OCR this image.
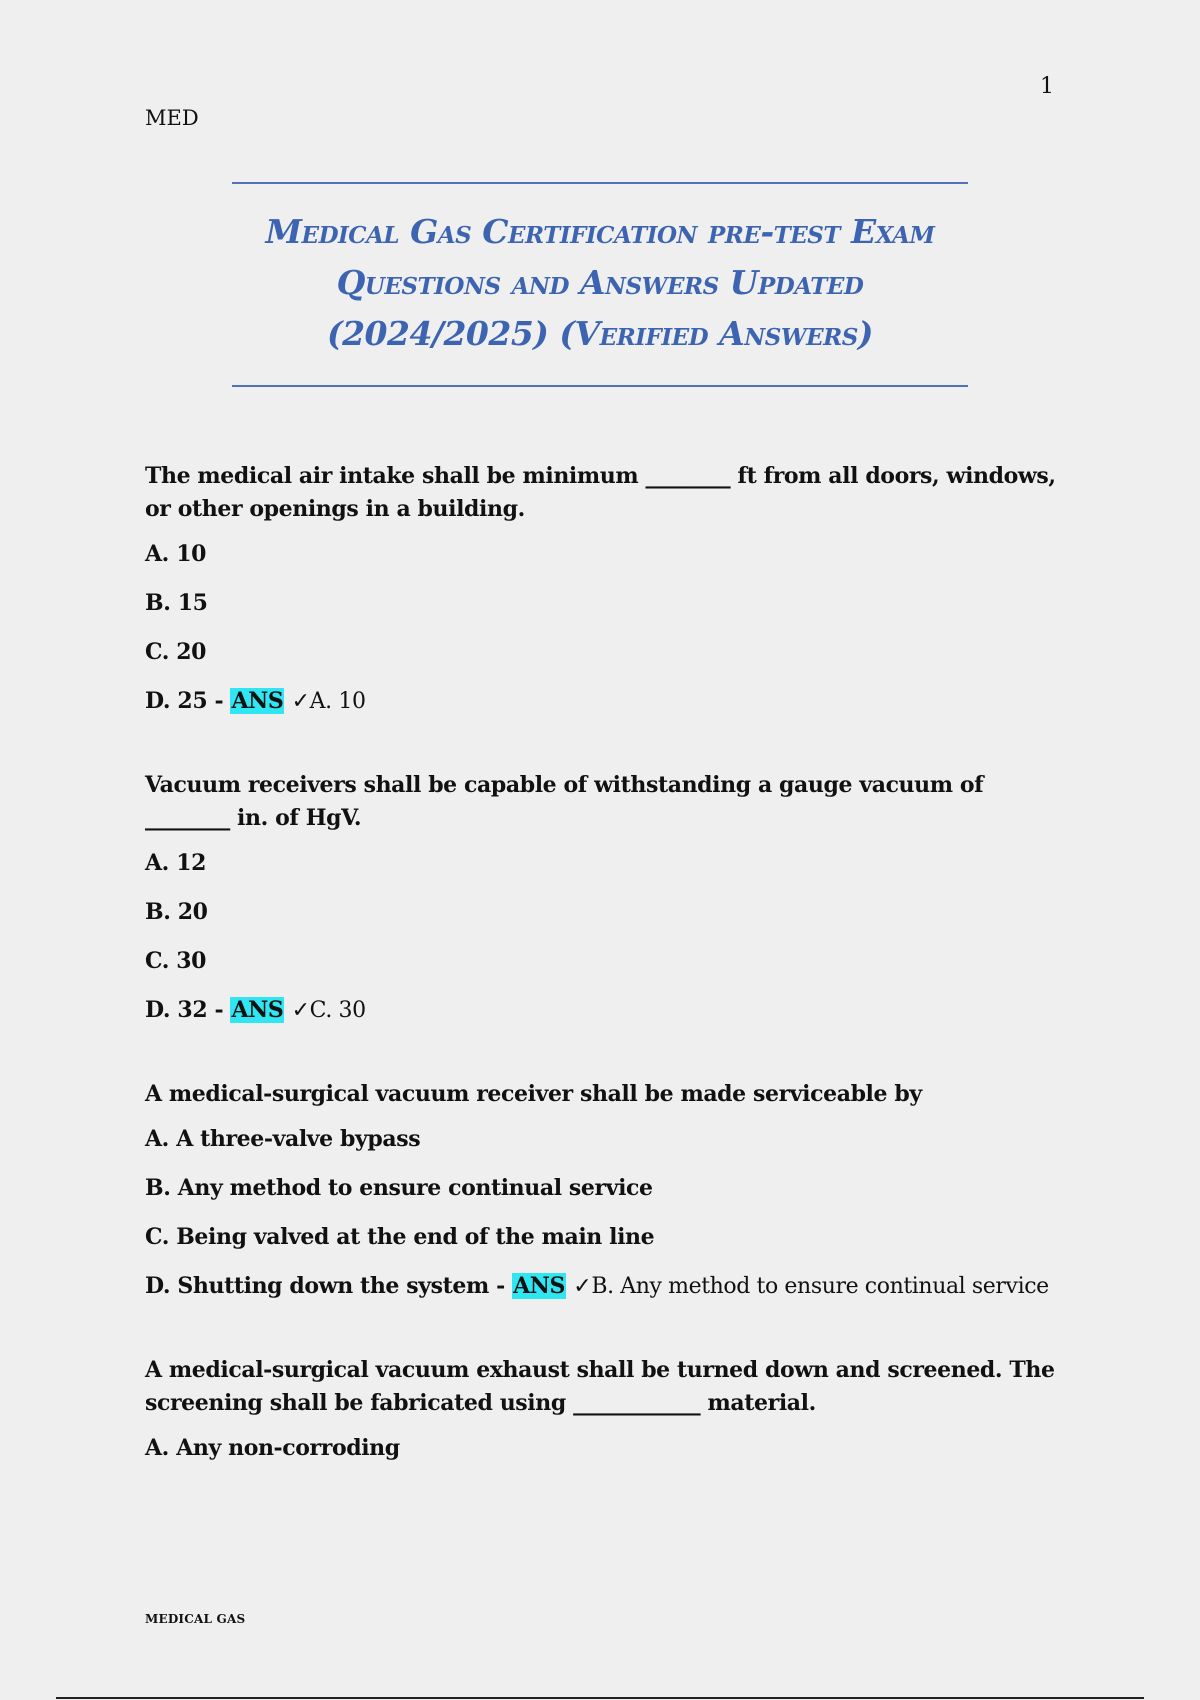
1
MED
Medical Gas Certification pre-test Exam
Questions and Answers Updated
(2024/2025) (Verified Answers)

The medical air intake shall be minimum ________ ft from all doors, windows, or other openings in a building.

A. 10

B. 15

C. 20

D. 25 - ANS ✓A. 10

Vacuum receivers shall be capable of withstanding a gauge vacuum of ________ in. of HgV.

A. 12

B. 20

C. 30

D. 32 - ANS ✓C. 30

A medical-surgical vacuum receiver shall be made serviceable by

A. A three-valve bypass

B. Any method to ensure continual service

C. Being valved at the end of the main line

D. Shutting down the system - ANS ✓B. Any method to ensure continual service

A medical-surgical vacuum exhaust shall be turned down and screened. The screening shall be fabricated using ____________ material.

A. Any non-corroding

MEDICAL GAS
